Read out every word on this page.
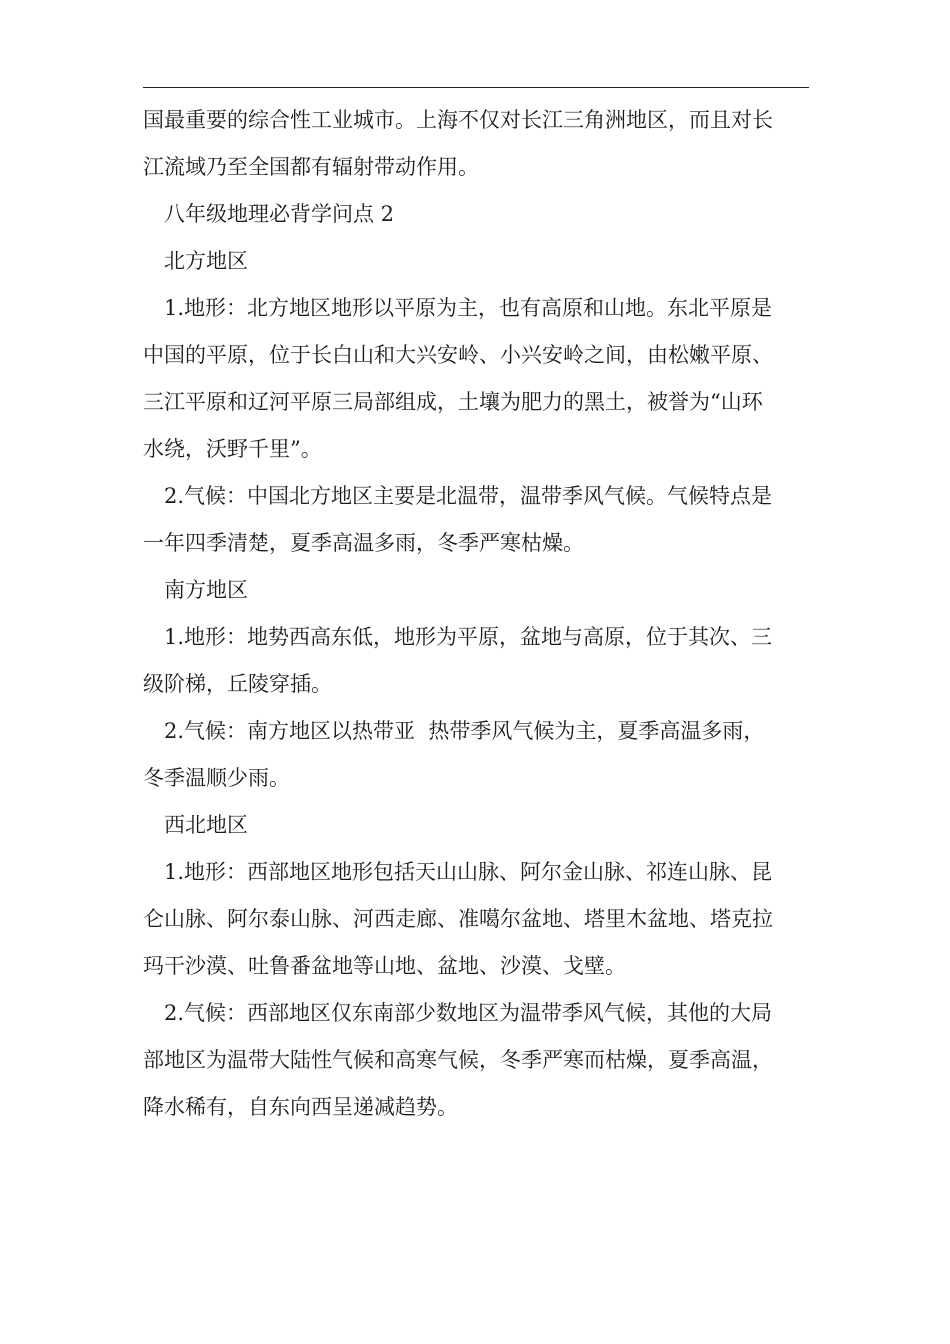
国最重要的综合性工业城市。上海不仅对长江三角洲地区，而且对长

江流域乃至全国都有辐射带动作用。

　八年级地理必背学问点 2

　北方地区

　1.地形：北方地区地形以平原为主，也有高原和山地。东北平原是

中国的平原，位于长白山和大兴安岭、小兴安岭之间，由松嫩平原、

三江平原和辽河平原三局部组成，土壤为肥力的黑土，被誉为“山环

水绕，沃野千里”。

　2.气候：中国北方地区主要是北温带，温带季风气候。气候特点是

一年四季清楚，夏季高温多雨，冬季严寒枯燥。

　南方地区

　1.地形：地势西高东低，地形为平原，盆地与高原，位于其次、三

级阶梯，丘陵穿插。

　2.气候：南方地区以热带亚  热带季风气候为主，夏季高温多雨，

冬季温顺少雨。

　西北地区

　1.地形：西部地区地形包括天山山脉、阿尔金山脉、祁连山脉、昆

仑山脉、阿尔泰山脉、河西走廊、准噶尔盆地、塔里木盆地、塔克拉

玛干沙漠、吐鲁番盆地等山地、盆地、沙漠、戈壁。

　2.气候：西部地区仅东南部少数地区为温带季风气候，其他的大局

部地区为温带大陆性气候和高寒气候，冬季严寒而枯燥，夏季高温，

降水稀有，自东向西呈递减趋势。
